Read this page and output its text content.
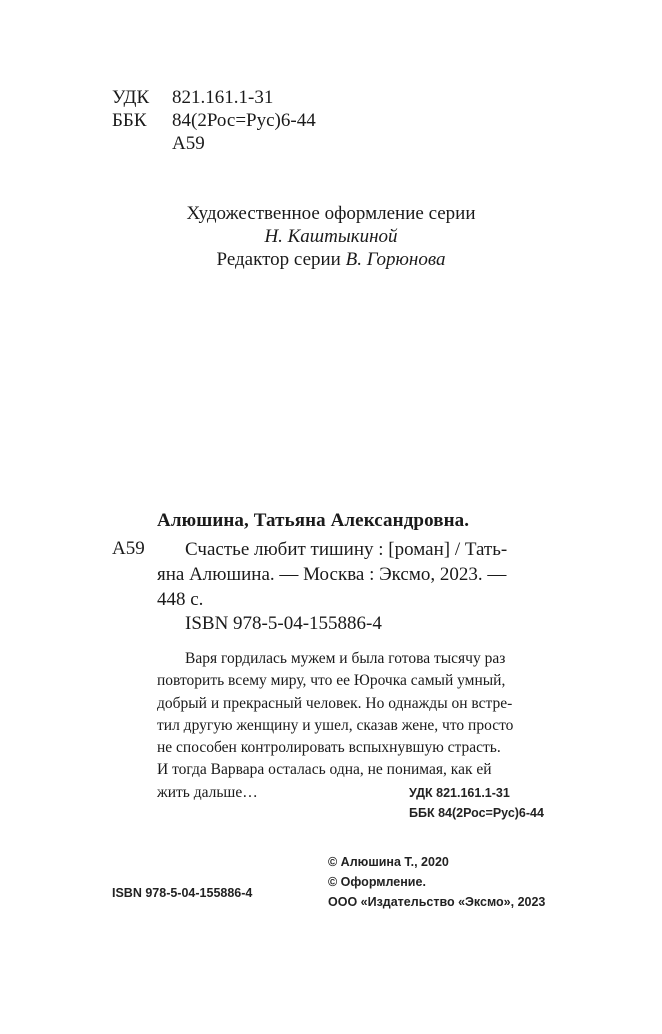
УДК 821.161.1-31
ББК 84(2Рос=Рус)6-44
А59
Художественное оформление серии
Н. Каштыкиной
Редактор серии В. Горюнова
Алюшина, Татьяна Александровна.
А59	Счастье любит тишину : [роман] / Тать-
яна Алюшина. — Москва : Эксмо, 2023. —
448 с.
ISBN 978-5-04-155886-4
Варя гордилась мужем и была готова тысячу раз
повторить всему миру, что ее Юрочка самый умный,
добрый и прекрасный человек. Но однажды он встре-
тил другую женщину и ушел, сказав жене, что просто
не способен контролировать вспыхнувшую страсть.
И тогда Варвара осталась одна, не понимая, как ей
жить дальше…	УДК 821.161.1-31
ББК 84(2Рос=Рус)6-44
© Алюшина Т., 2020
© Оформление.
ООО «Издательство «Эксмо», 2023
ISBN 978-5-04-155886-4
